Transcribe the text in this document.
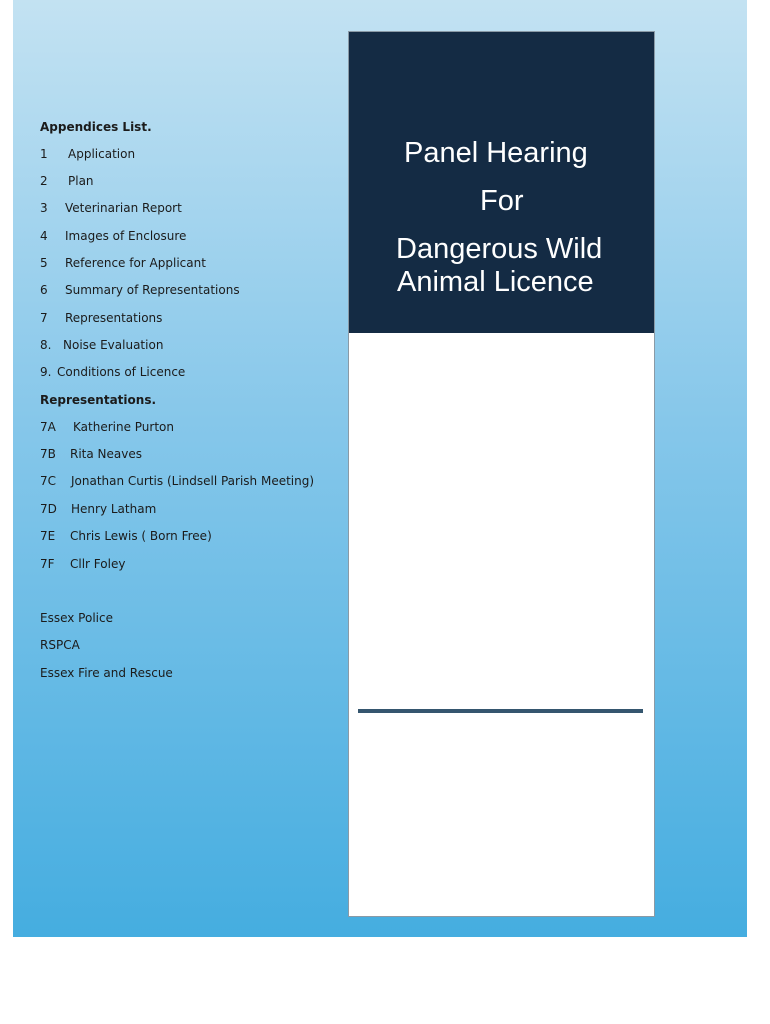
Appendices List.
1 Application
2 Plan
3 Veterinarian Report
4 Images of Enclosure
5 Reference for Applicant
6 Summary of Representations
7 Representations
8. Noise Evaluation
9. Conditions of Licence
Representations.
7A Katherine Purton
7B Rita Neaves
7C Jonathan Curtis (Lindsell Parish Meeting)
7D Henry Latham
7E Chris Lewis ( Born Free)
7F Cllr Foley
Essex Police
RSPCA
Essex Fire and Rescue
Panel Hearing
For
Dangerous Wild
Animal Licence
